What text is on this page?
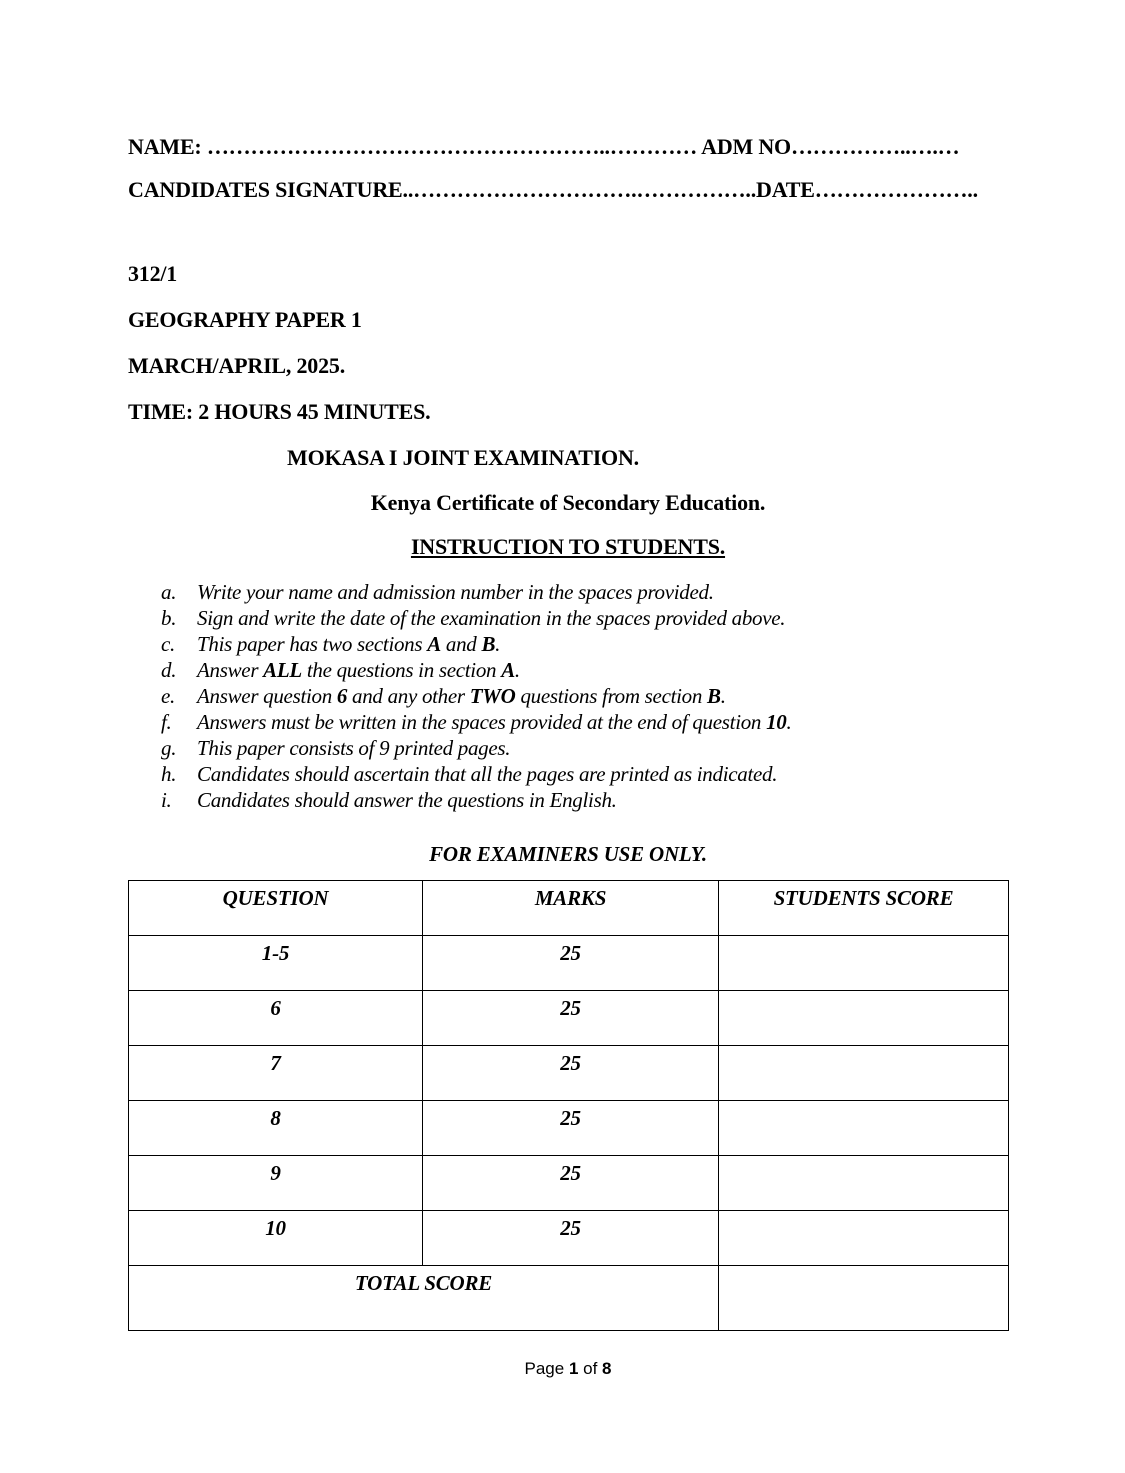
NAME: ………………………………………………..………… ADM NO……………..….…

CANDIDATES SIGNATURE..………………………….……………..DATE…………………..

312/1

GEOGRAPHY PAPER 1

MARCH/APRIL, 2025.

TIME: 2 HOURS 45 MINUTES.

MOKASA I JOINT EXAMINATION.

Kenya Certificate of Secondary Education.

INSTRUCTION TO STUDENTS.

a. Write your name and admission number in the spaces provided.
b. Sign and write the date of the examination in the spaces provided above.
c.	This paper has two sections A and B.
d. Answer ALL the questions in section A.
e.	Answer question 6 and any other TWO questions from section B.
f.	Answers must be written in the spaces provided at the end of question 10.
g. This paper consists of 9 printed pages.
h. Candidates should ascertain that all the pages are printed as indicated.
i.	Candidates should answer the questions in English.

FOR EXAMINERS USE ONLY.

QUESTION	MARKS	STUDENTS SCORE
1-5	25	
6	25	
7	25	
8	25	
9	25	
10	25	
TOTAL SCORE		
Page 1 of 8
